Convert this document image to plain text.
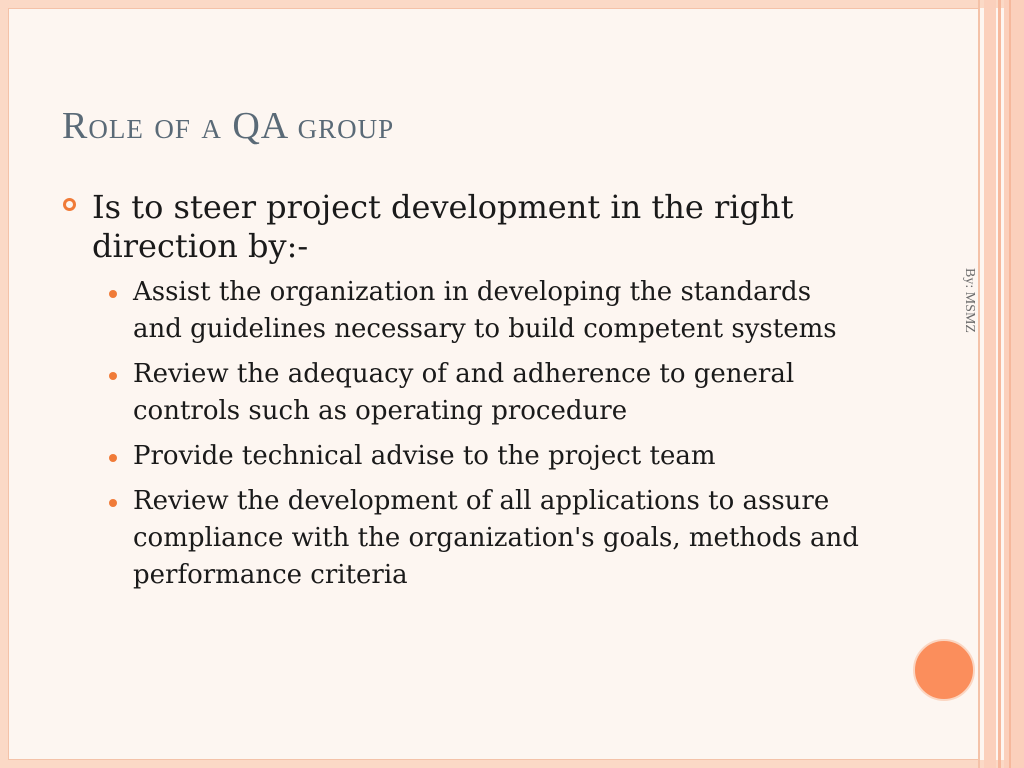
Role of a QA group
Is to steer project development in the right direction by:-
Assist the organization in developing the standards and guidelines necessary to build competent systems
Review the adequacy of and adherence to general controls such as operating procedure
Provide technical advise to the project team
Review the development of all applications to assure compliance with the organization's goals, methods and performance criteria
By: MSMZ
